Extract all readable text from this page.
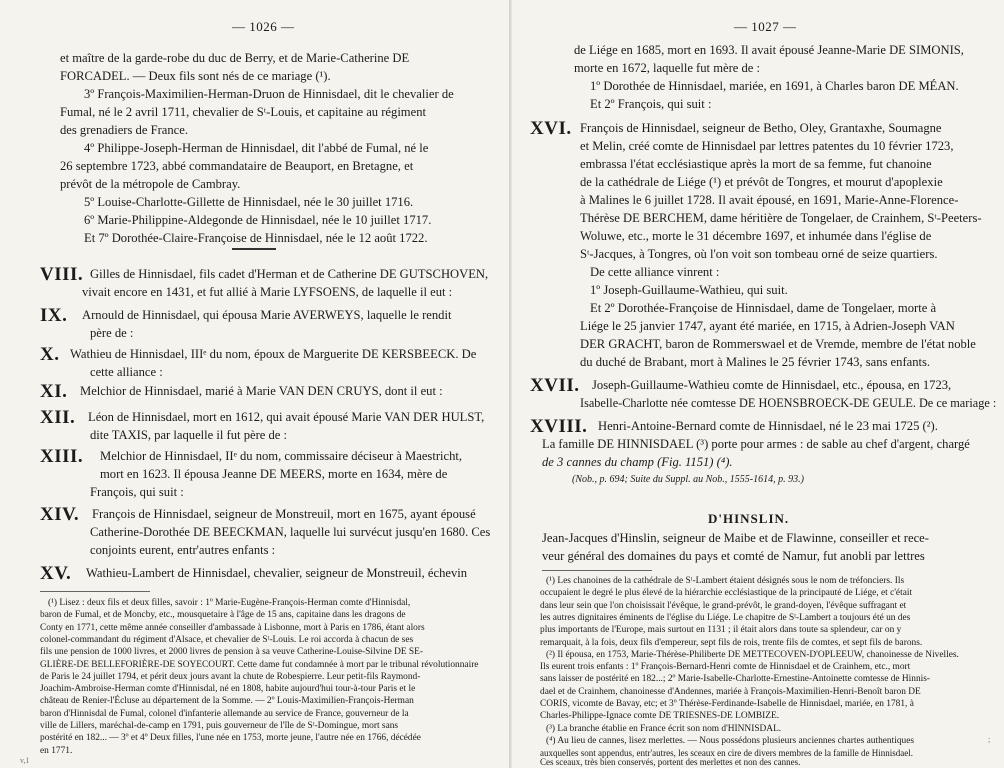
— 1026 —
et maître de la garde-robe du duc de Berry, et de Marie-Catherine DE
FORCADEL. — Deux fils sont nés de ce mariage (¹).
3º François-Maximilien-Herman-Druon de Hinnisdael, dit le chevalier de
Fumal, né le 2 avril 1711, chevalier de Sᵗ-Louis, et capitaine au régiment
des grenadiers de France.
4º Philippe-Joseph-Herman de Hinnisdael, dit l'abbé de Fumal, né le
26 septembre 1723, abbé commandataire de Beauport, en Bretagne, et
prévôt de la métropole de Cambray.
5º Louise-Charlotte-Gillette de Hinnisdael, née le 30 juillet 1716.
6º Marie-Philippine-Aldegonde de Hinnisdael, née le 10 juillet 1717.
Et 7º Dorothée-Claire-Françoise de Hinnisdael, née le 12 août 1722.
VIII. Gilles de Hinnisdael, fils cadet d'Herman et de Catherine DE GUTSCHOVEN,
vivait encore en 1431, et fut allié à Marie LYFSOENS, de laquelle il eut :
IX. Arnould de Hinnisdael, qui épousa Marie AVERWEYS, laquelle le rendit
père de :
X. Wathieu de Hinnisdael, IIIᵉ du nom, époux de Marguerite DE KERSBEECK. De
cette alliance :
XI. Melchior de Hinnisdael, marié à Marie VAN DEN CRUYS, dont il eut :
XII. Léon de Hinnisdael, mort en 1612, qui avait épousé Marie VAN DER HULST,
dite TAXIS, par laquelle il fut père de :
XIII. Melchior de Hinnisdael, IIᵉ du nom, commissaire déciseur à Maestricht,
mort en 1623. Il épousa Jeanne DE MEERS, morte en 1634, mère de
François, qui suit :
XIV. François de Hinnisdael, seigneur de Monstreuil, mort en 1675, ayant épousé
Catherine-Dorothée DE BEECKMAN, laquelle lui survécut jusqu'en 1680. Ces
conjoints eurent, entr'autres enfants :
XV. Wathieu-Lambert de Hinnisdael, chevalier, seigneur de Monstreuil, échevin
(¹) Lisez : deux fils et deux filles, savoir : 1º Marie-Eugène-François-Herman comte d'Hinnisdal,
baron de Fumal, et de Moncby, etc., mousquetaire à l'âge de 15 ans, capitaine dans les dragons de
Conty en 1771, cette même année conseiller d'ambassade à Lisbonne, mort à Paris en 1786, étant alors
colonel-commandant du régiment d'Alsace, et chevalier de Sᵗ-Louis. Le roi accorda à chacun de ses
fils une pension de 1000 livres, et 2000 livres de pension à sa veuve Catherine-Louise-Silvine DE SE-
GLIÈRE-DE BELLEFORIÈRE-DE SOYECOURT. Cette dame fut condamnée à mort par le tribunal révolutionnaire
de Paris le 24 juillet 1794, et périt deux jours avant la chute de Robespierre. Leur petit-fils Raymond-
Joachim-Ambroise-Herman comte d'Hinnisdal, né en 1808, habite aujourd'hui tour-à-tour Paris et le
château de Renier-l'Écluse au département de la Somme. — 2º Louis-Maximilien-François-Herman
baron d'Hinnisdal de Fumal, colonel d'infanterie allemande au service de France, gouverneur de la
ville de Lillers, maréchal-de-camp en 1791, puis gouverneur de l'île de Sᵗ-Domingue, mort sans
postérité en 182... — 3º et 4º Deux filles, l'une née en 1753, morte jeune, l'autre née en 1766, décédée
en 1771.
v,1
— 1027 —
de Liége en 1685, mort en 1693. Il avait épousé Jeanne-Marie DE SIMONIS,
morte en 1672, laquelle fut mère de :
1º Dorothée de Hinnisdael, mariée, en 1691, à Charles baron DE MÉAN.
Et 2º François, qui suit :
XVI. François de Hinnisdael, seigneur de Betho, Oley, Grantaxhe, Soumagne
et Melin, créé comte de Hinnisdael par lettres patentes du 10 février 1723,
embrassa l'état ecclésiastique après la mort de sa femme, fut chanoine
de la cathédrale de Liége (¹) et prévôt de Tongres, et mourut d'apoplexie
à Malines le 6 juillet 1728. Il avait épousé, en 1691, Marie-Anne-Florence-
Thérèse DE BERCHEM, dame héritière de Tongelaer, de Crainhem, Sᵗ-Peeters-
Woluwe, etc., morte le 31 décembre 1697, et inhumée dans l'église de
Sᵗ-Jacques, à Tongres, où l'on voit son tombeau orné de seize quartiers.
De cette alliance vinrent :
1º Joseph-Guillaume-Wathieu, qui suit.
Et 2º Dorothée-Françoise de Hinnisdael, dame de Tongelaer, morte à
Liége le 25 janvier 1747, ayant été mariée, en 1715, à Adrien-Joseph VAN
DER GRACHT, baron de Rommerswael et de Vremde, membre de l'état noble
du duché de Brabant, mort à Malines le 25 février 1743, sans enfants.
XVII. Joseph-Guillaume-Wathieu comte de Hinnisdael, etc., épousa, en 1723,
Isabelle-Charlotte née comtesse DE HOENSBROECK-DE GEULE. De ce mariage :
XVIII. Henri-Antoine-Bernard comte de Hinnisdael, né le 23 mai 1725 (²).
La famille DE HINNISDAEL (³) porte pour armes : de sable au chef d'argent, chargé
de 3 cannes du champ (Fig. 1151) (⁴).
(Nob., p. 694; Suite du Suppl. au Nob., 1555-1614, p. 93.)
D'HINSLIN.
Jean-Jacques d'Hinslin, seigneur de Maibe et de Flawinne, conseiller et rece-
veur général des domaines du pays et comté de Namur, fut anobli par lettres
(¹) Les chanoines de la cathédrale de Sᵗ-Lambert étaient désignés sous le nom de tréfonciers. Ils
occupaient le degré le plus élevé de la hiérarchie ecclésiastique de la principauté de Liége, et c'était
dans leur sein que l'on choisissait l'évêque, le grand-prévôt, le grand-doyen, l'évêque suffragant et
les autres dignitaires éminents de l'église du Liége. Le chapitre de Sᵗ-Lambert a toujours été un des
plus importants de l'Europe, mais surtout en 1131 ; il était alors dans toute sa splendeur, car on y
remarquait, à la fois, deux fils d'empereur, sept fils de rois, trente fils de comtes, et sept fils de barons.
(²) Il épousa, en 1753, Marie-Thérèse-Philiberte DE METTECOVEN-D'OPLEEUW, chanoinesse de Nivelles.
Ils eurent trois enfants : 1º François-Bernard-Henri comte de Hinnisdael et de Crainhem, etc., mort
sans laisser de postérité en 182...; 2º Marie-Isabelle-Charlotte-Ernestine-Antoinette comtesse de Hinnis-
dael et de Crainhem, chanoinesse d'Andennes, mariée à François-Maximilien-Henri-Benoît baron DE
CORIS, vicomte de Bavay, etc; et 3º Thérèse-Ferdinande-Isabelle de Hinnisdael, mariée, en 1781, à
Charles-Philippe-Ignace comte DE TRIESNES-DE LOMBIZE.
(³) La branche établie en France écrit son nom d'HINNISDAL.
(⁴) Au lieu de cannes, lisez merlettes. — Nous possédons plusieurs anciennes chartes authentiques
auxquelles sont appendus, entr'autres, les sceaux en cire de divers membres de la famille de Hinnisdael.
Ces sceaux, très bien conservés, portent des merlettes et non des cannes.
;
